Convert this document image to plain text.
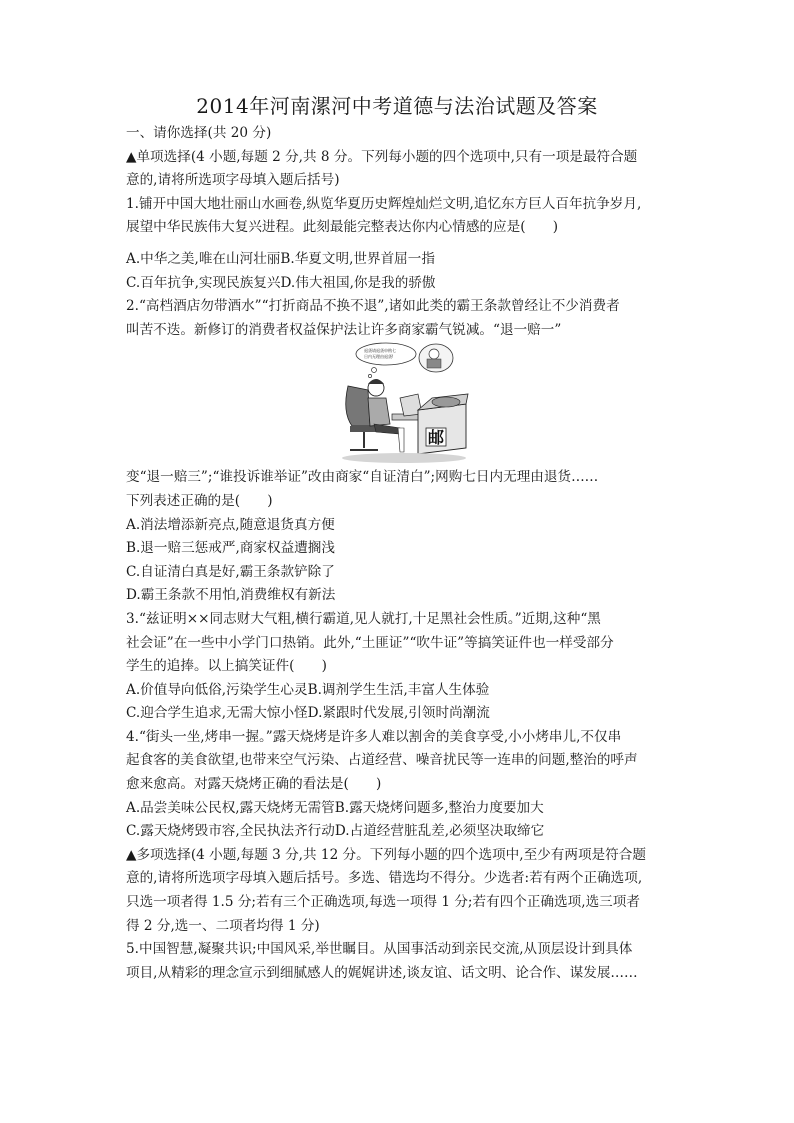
2014年河南漯河中考道德与法治试题及答案
一、请你选择(共 20 分)
▲单项选择(4 小题,每题 2 分,共 8 分。下列每小题的四个选项中,只有一项是最符合题
意的,请将所选项字母填入题后括号)
1.铺开中国大地壮丽山水画卷,纵览华夏历史辉煌灿烂文明,追忆东方巨人百年抗争岁月,
展望中华民族伟大复兴进程。此刻最能完整表达你内心情感的应是(　　)
A.中华之美,唯在山河壮丽B.华夏文明,世界首屈一指
C.百年抗争,实现民族复兴D.伟大祖国,你是我的骄傲
2.“高档酒店勿带酒水”“打折商品不换不退”,诸如此类的霸王条款曾经让不少消费者
叫苦不迭。新修订的消费者权益保护法让许多商家霸气锐减。“退一赔一”
退货请退货申购七
日内无理由退货!
邮
变“退一赔三”;“谁投诉谁举证”改由商家“自证清白”;网购七日内无理由退货……
下列表述正确的是(　　)
A.消法增添新亮点,随意退货真方便
B.退一赔三惩戒严,商家权益遭搁浅
C.自证清白真是好,霸王条款铲除了
D.霸王条款不用怕,消费维权有新法
3.“兹证明××同志财大气粗,横行霸道,见人就打,十足黑社会性质。”近期,这种“黑
社会证”在一些中小学门口热销。此外,“土匪证”“吹牛证”等搞笑证件也一样受部分
学生的追捧。以上搞笑证件(　　)
A.价值导向低俗,污染学生心灵B.调剂学生生活,丰富人生体验
C.迎合学生追求,无需大惊小怪D.紧跟时代发展,引领时尚潮流
4.“街头一坐,烤串一握。”露天烧烤是许多人难以割舍的美食享受,小小烤串儿,不仅串
起食客的美食欲望,也带来空气污染、占道经营、噪音扰民等一连串的问题,整治的呼声
愈来愈高。对露天烧烤正确的看法是(　　)
A.品尝美味公民权,露天烧烤无需管B.露天烧烤问题多,整治力度要加大
C.露天烧烤毁市容,全民执法齐行动D.占道经营脏乱差,必须坚决取缔它
▲多项选择(4 小题,每题 3 分,共 12 分。下列每小题的四个选项中,至少有两项是符合题
意的,请将所选项字母填入题后括号。多选、错选均不得分。少选者:若有两个正确选项,
只选一项者得 1.5 分;若有三个正确选项,每选一项得 1 分;若有四个正确选项,选三项者
得 2 分,选一、二项者均得 1 分)
5.中国智慧,凝聚共识;中国风采,举世瞩目。从国事活动到亲民交流,从顶层设计到具体
项目,从精彩的理念宣示到细腻感人的娓娓讲述,谈友谊、话文明、论合作、谋发展……
